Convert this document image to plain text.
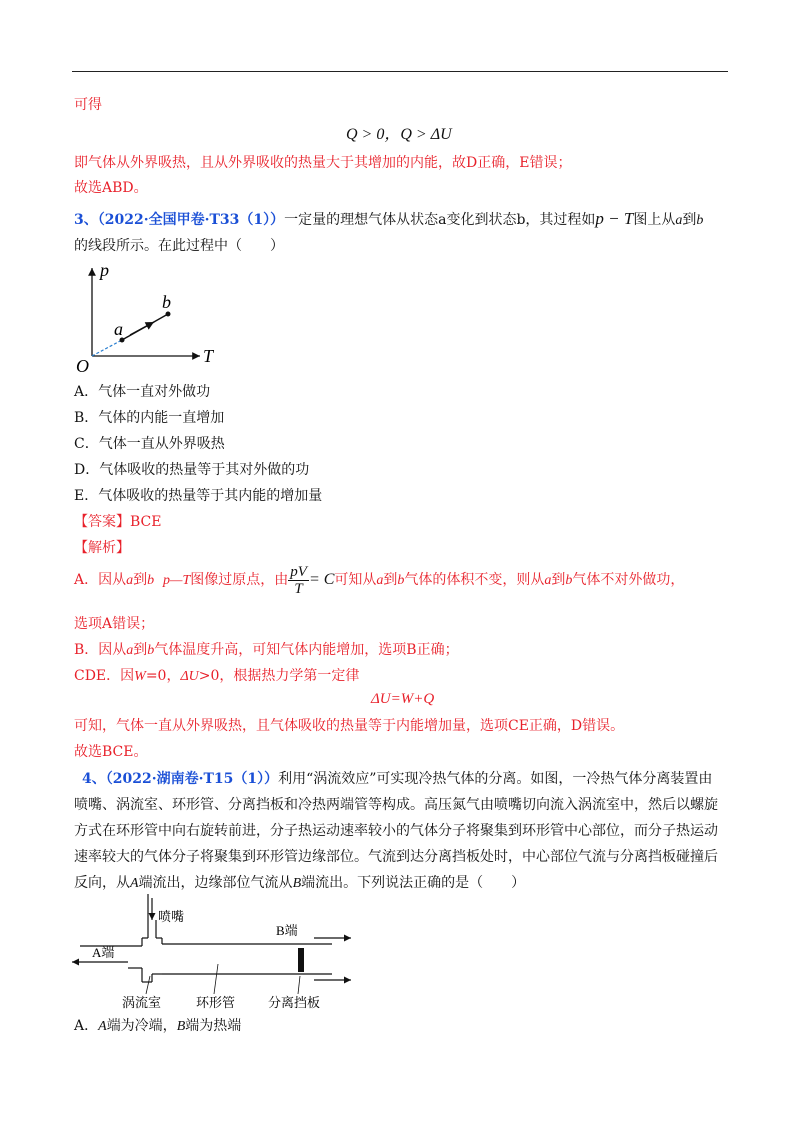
可得
Q > 0，Q > ΔU
即气体从外界吸热，且从外界吸收的热量大于其增加的内能，故D正确，E错误；
故选ABD。
3、（2022·全国甲卷·T33（1））一定量的理想气体从状态a变化到状态b，其过程如p − T图上从a到b
的线段所示。在此过程中（　　）
p
T
O
a
b
A．气体一直对外做功
B．气体的内能一直增加
C．气体一直从外界吸热
D．气体吸收的热量等于其对外做的功
E．气体吸收的热量等于其内能的增加量
【答案】BCE
【解析】
A．因从a到b p—T图像过原点，由 $\frac{pV}{T} = C$可知从a到b气体的体积不变，则从a到b气体不对外做功，
选项A错误；
B．因从a到b气体温度升高，可知气体内能增加，选项B正确；
CDE．因W=0，ΔU>0，根据热力学第一定律
ΔU=W+Q
可知，气体一直从外界吸热，且气体吸收的热量等于内能增加量，选项CE正确，D错误。
故选BCE。
4、（2022·湖南卷·T15（1））利用“涡流效应”可实现冷热气体的分离。如图，一冷热气体分离装置由
喷嘴、涡流室、环形管、分离挡板和冷热两端管等构成。高压氮气由喷嘴切向流入涡流室中，然后以螺旋
方式在环形管中向右旋转前进，分子热运动速率较小的气体分子将聚集到环形管中心部位，而分子热运动
速率较大的气体分子将聚集到环形管边缘部位。气流到达分离挡板处时，中心部位气流与分离挡板碰撞后
反向，从A端流出，边缘部位气流从B端流出。下列说法正确的是（　　）
喷嘴
A端
B端
涡流室	环形管	分离挡板
A．A端为冷端，B端为热端
